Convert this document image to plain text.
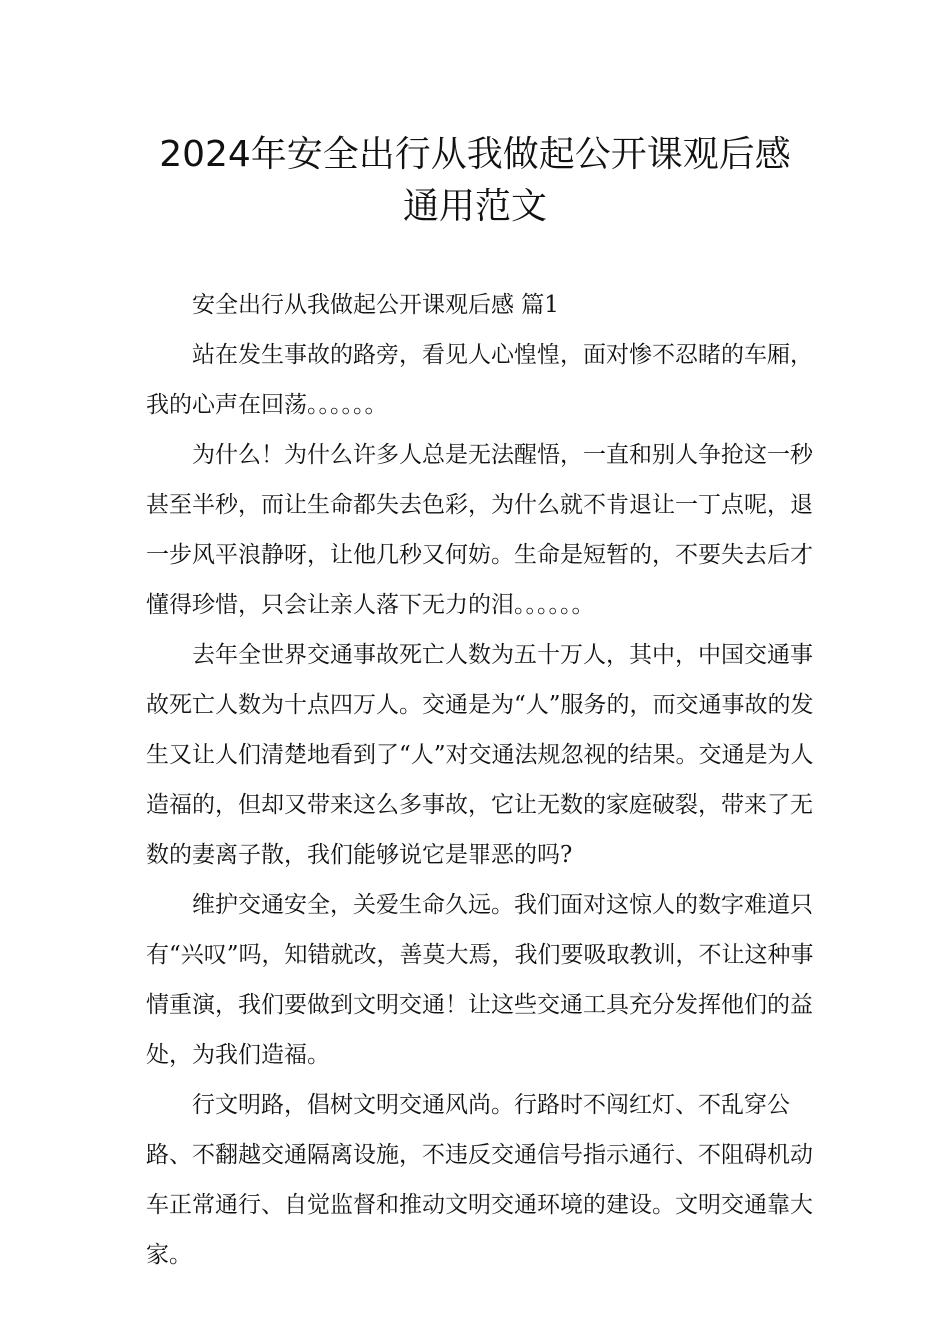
2024年安全出行从我做起公开课观后感
通用范文

安全出行从我做起公开课观后感 篇1

站在发生事故的路旁，看见人心惶惶，面对惨不忍睹的车厢，我的心声在回荡。。。。。。

为什么！为什么许多人总是无法醒悟，一直和别人争抢这一秒甚至半秒，而让生命都失去色彩，为什么就不肯退让一丁点呢，退一步风平浪静呀，让他几秒又何妨。生命是短暂的，不要失去后才懂得珍惜，只会让亲人落下无力的泪。。。。。。

去年全世界交通事故死亡人数为五十万人，其中，中国交通事故死亡人数为十点四万人。交通是为“人”服务的，而交通事故的发生又让人们清楚地看到了“人”对交通法规忽视的结果。交通是为人造福的，但却又带来这么多事故，它让无数的家庭破裂，带来了无数的妻离子散，我们能够说它是罪恶的吗?

维护交通安全，关爱生命久远。我们面对这惊人的数字难道只有“兴叹”吗，知错就改，善莫大焉，我们要吸取教训，不让这种事情重演，我们要做到文明交通！让这些交通工具充分发挥他们的益处，为我们造福。

行文明路，倡树文明交通风尚。行路时不闯红灯、不乱穿公路、不翻越交通隔离设施，不违反交通信号指示通行、不阻碍机动车正常通行、自觉监督和推动文明交通环境的建设。文明交通靠大家。
